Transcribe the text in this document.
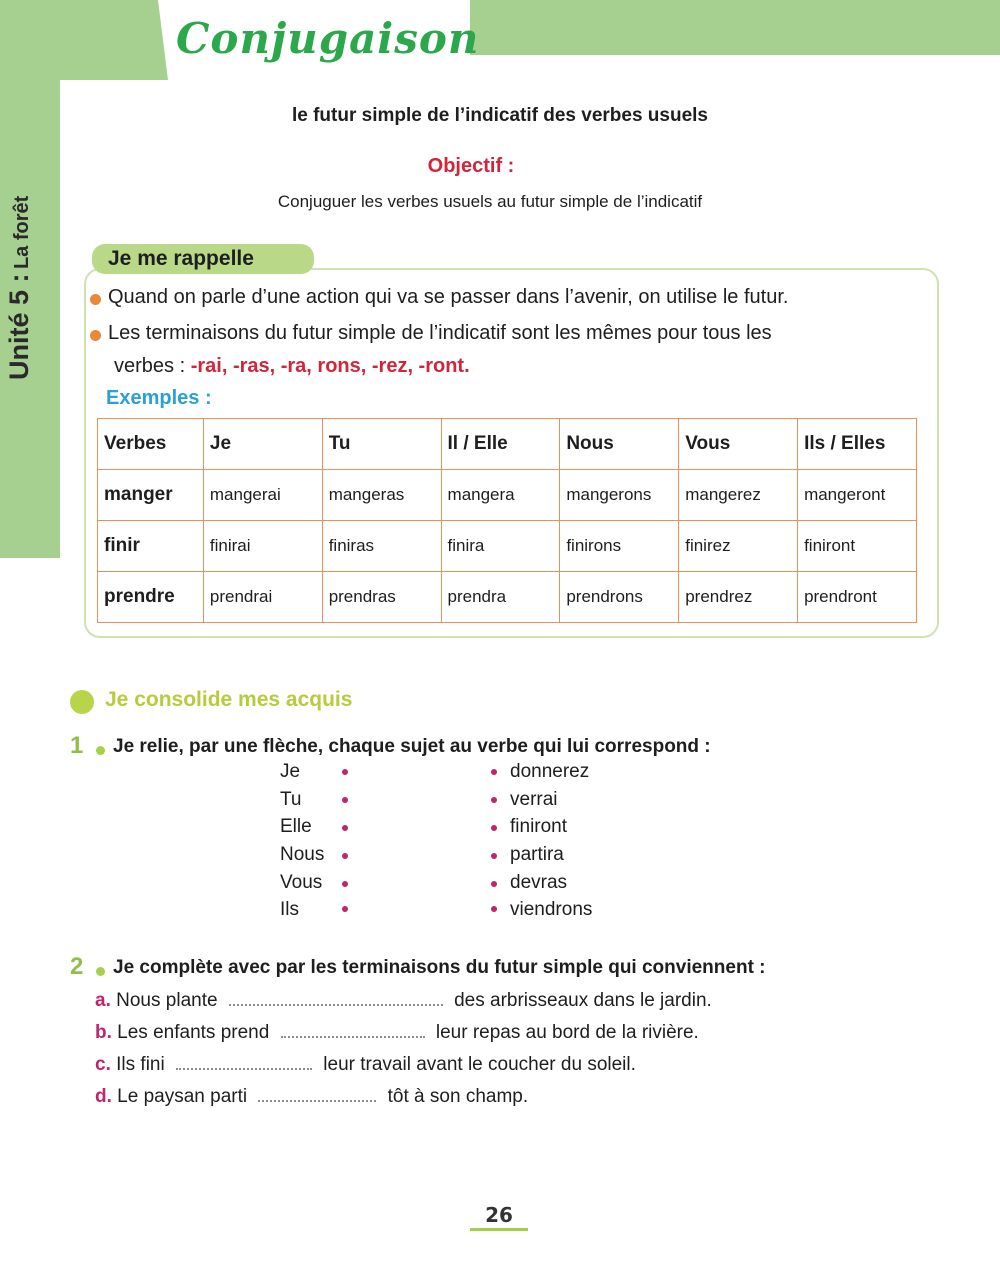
Conjugaison
Unité 5 : La forêt
le futur simple de l’indicatif des verbes usuels
Objectif :
Conjuguer les verbes usuels au futur simple de l’indicatif
Je me rappelle
Quand on parle d’une action qui va se passer dans l’avenir, on utilise le futur.
Les terminaisons du futur simple de l’indicatif sont les mêmes pour tous les
verbes : -rai, -ras, -ra, rons, -rez, -ront.
Exemples :
Verbes	Je	Tu	Il / Elle	Nous	Vous	Ils / Elles
manger	mangerai	mangeras	mangera	mangerons	mangerez	mangeront
finir	finirai	finiras	finira	finirons	finirez	finiront
prendre	prendrai	prendras	prendra	prendrons	prendrez	prendront
Je consolide mes acquis
1 Je relie, par une flèche, chaque sujet au verbe qui lui correspond :
Je
Tu
Elle
Nous
Vous
Ils
donnerez
verrai
finiront
partira
devras
viendrons
2 Je complète avec par les terminaisons du futur simple qui conviennent :
a. Nous plante	des arbrisseaux dans le jardin.
b. Les enfants prend	leur repas au bord de la rivière.
c. Ils fini	leur travail avant le coucher du soleil.
d. Le paysan parti	tôt à son champ.
26
